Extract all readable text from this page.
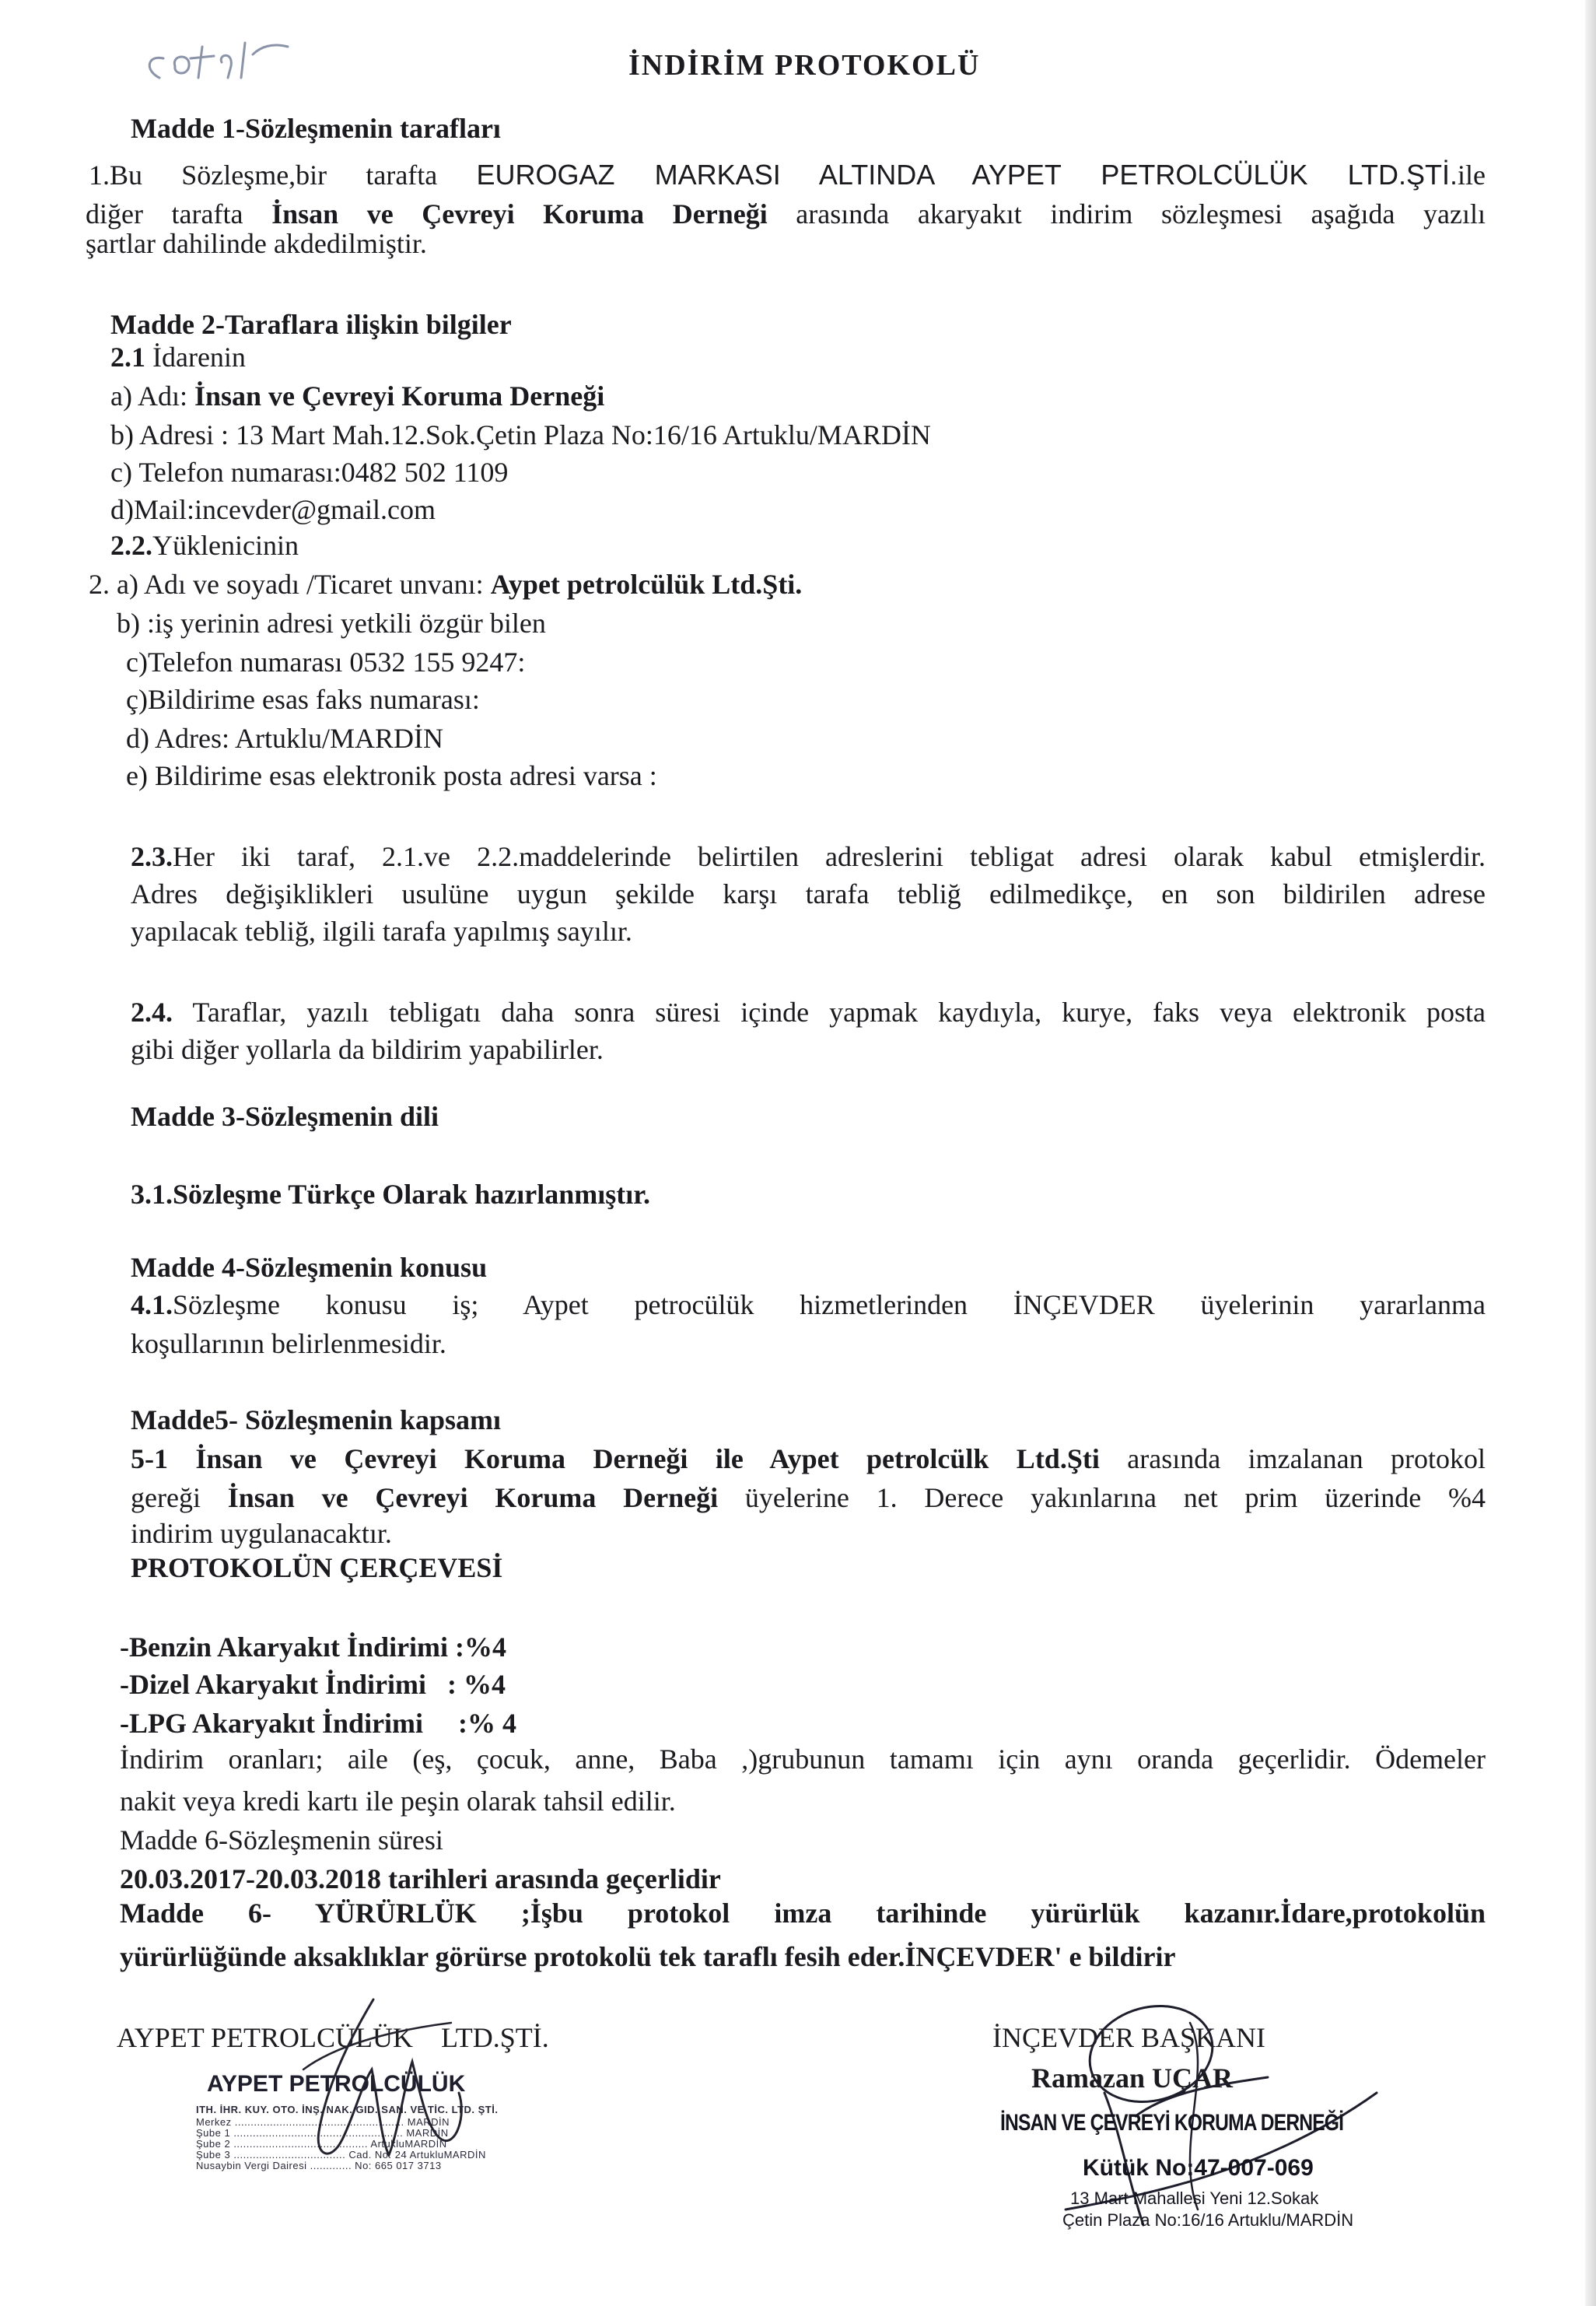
İNDİRİM PROTOKOLÜ
Madde 1-Sözleşmenin tarafları
1.Bu Sözleşme,bir tarafta EUROGAZ MARKASI ALTINDA AYPET PETROLCÜLÜK LTD.ŞTİ.ile
diğer tarafta İnsan ve Çevreyi Koruma Derneği arasında akaryakıt indirim sözleşmesi aşağıda yazılı
şartlar dahilinde akdedilmiştir.
Madde 2-Taraflara ilişkin bilgiler
2.1 İdarenin
a) Adı: İnsan ve Çevreyi Koruma Derneği
b) Adresi : 13 Mart Mah.12.Sok.Çetin Plaza No:16/16 Artuklu/MARDİN
c) Telefon numarası:0482 502 1109
d)Mail:incevder@gmail.com
2.2.Yüklenicinin
2. a) Adı ve soyadı /Ticaret unvanı: Aypet petrolcülük Ltd.Şti.
b) :iş yerinin adresi yetkili özgür bilen
c)Telefon numarası 0532 155 9247:
ç)Bildirime esas faks numarası:
d) Adres: Artuklu/MARDİN
e) Bildirime esas elektronik posta adresi varsa :
2.3.Her iki taraf, 2.1.ve 2.2.maddelerinde belirtilen adreslerini tebligat adresi olarak kabul etmişlerdir.
Adres değişiklikleri usulüne uygun şekilde karşı tarafa tebliğ edilmedikçe, en son bildirilen adrese
yapılacak tebliğ, ilgili tarafa yapılmış sayılır.
2.4. Taraflar, yazılı tebligatı daha sonra süresi içinde yapmak kaydıyla, kurye, faks veya elektronik posta
gibi diğer yollarla da bildirim yapabilirler.
Madde 3-Sözleşmenin dili
3.1.Sözleşme Türkçe Olarak hazırlanmıştır.
Madde 4-Sözleşmenin konusu
4.1.Sözleşme konusu iş; Aypet petrocülük hizmetlerinden İNÇEVDER üyelerinin yararlanma
koşullarının belirlenmesidir.
Madde5- Sözleşmenin kapsamı
5-1 İnsan ve Çevreyi Koruma Derneği ile Aypet petrolcülk Ltd.Şti arasında imzalanan protokol
gereği İnsan ve Çevreyi Koruma Derneği üyelerine 1. Derece yakınlarına net prim üzerinde %4
indirim uygulanacaktır.
PROTOKOLÜN ÇERÇEVESİ
-Benzin Akaryakıt İndirimi :%4
-Dizel Akaryakıt İndirimi   : %4
-LPG Akaryakıt İndirimi     :% 4
İndirim oranları; aile (eş, çocuk, anne, Baba ,)grubunun tamamı için aynı oranda geçerlidir. Ödemeler
nakit veya kredi kartı ile peşin olarak tahsil edilir.
Madde 6-Sözleşmenin süresi
20.03.2017-20.03.2018 tarihleri arasında geçerlidir
Madde 6- YÜRÜRLÜK ;İşbu protokol imza tarihinde yürürlük kazanır.İdare,protokolün
yürürlüğünde aksaklıklar görürse protokolü tek taraflı fesih eder.İNÇEVDER' e bildirir
AYPET PETROLCÜLÜK    LTD.ŞTİ.	İNÇEVDER BAŞKANI
Ramazan UÇAR
AYPET PETROLCÜLÜK
ITH. İHR. KUY. OTO. İNŞ. NAK. GID. SAN. VE TİC. LTD. ŞTİ.
Merkez ..................................................... MARDİN
Şube 1 ..................................................... MARDİN
Şube 2 .......................................... ArtukluMARDİN
Şube 3 ................................... Cad. No: 24 ArtukluMARDİN
Nusaybin Vergi Dairesi ............. No: 665 017 3713
İNSAN VE ÇEVREYİ KORUMA DERNEĞİ
Kütük No:47-007-069
13 Mart Mahallesi Yeni 12.Sokak
Çetin Plaza No:16/16 Artuklu/MARDİN
